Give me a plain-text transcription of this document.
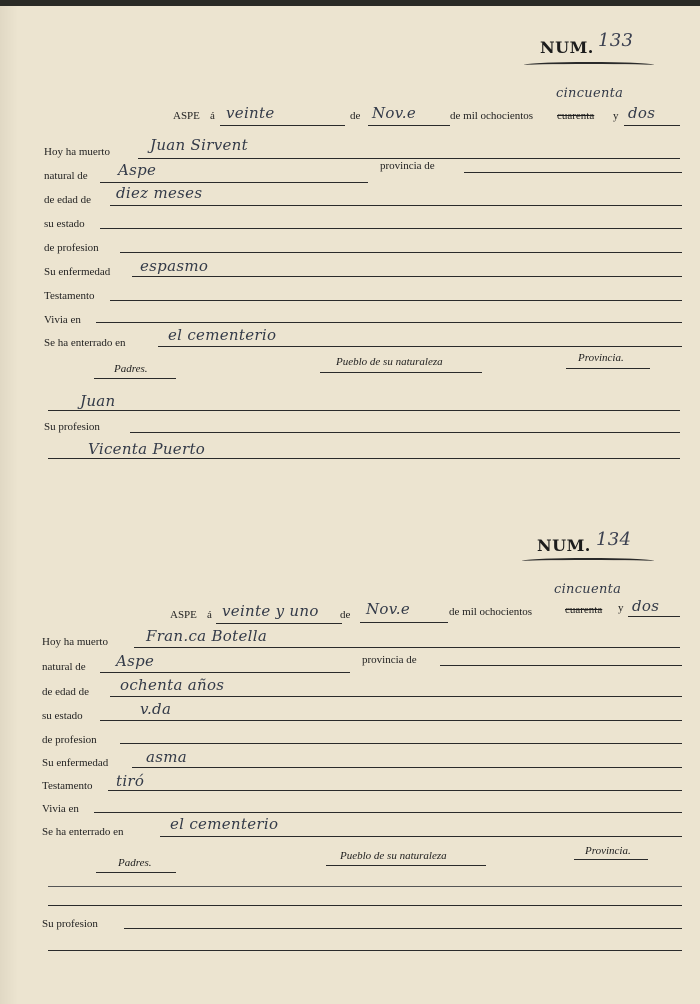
NUM. 133
ASPE á veinte	de Nov.e	de mil ochocientos cuarenta
cincuenta
y dos
Hoy ha muerto	Juan Sirvent
natural de Aspe	provincia de
de edad de diez meses
su estado
de profesion
Su enfermedad espasmo
Testamento
Vivia en
Se ha enterrado en	el cementerio
Padres.
Pueblo de su naturaleza	Provincia.
Juan
Su profesion
Vicenta Puerto
NUM. 134
ASPE á veinte y uno de Nov.e	de mil ochocientos	cuarenta
cincuenta
y dos
Hoy ha muerto	Fran.ca Botella
natural de Aspe	provincia de
de edad de ochenta años
su estado	v.da
de profesion
Su enfermedad	asma
Testamento tiró
Vivia en
Se ha enterrado en	el cementerio
Padres.
Pueblo de su naturaleza	Provincia.
Su profesion
